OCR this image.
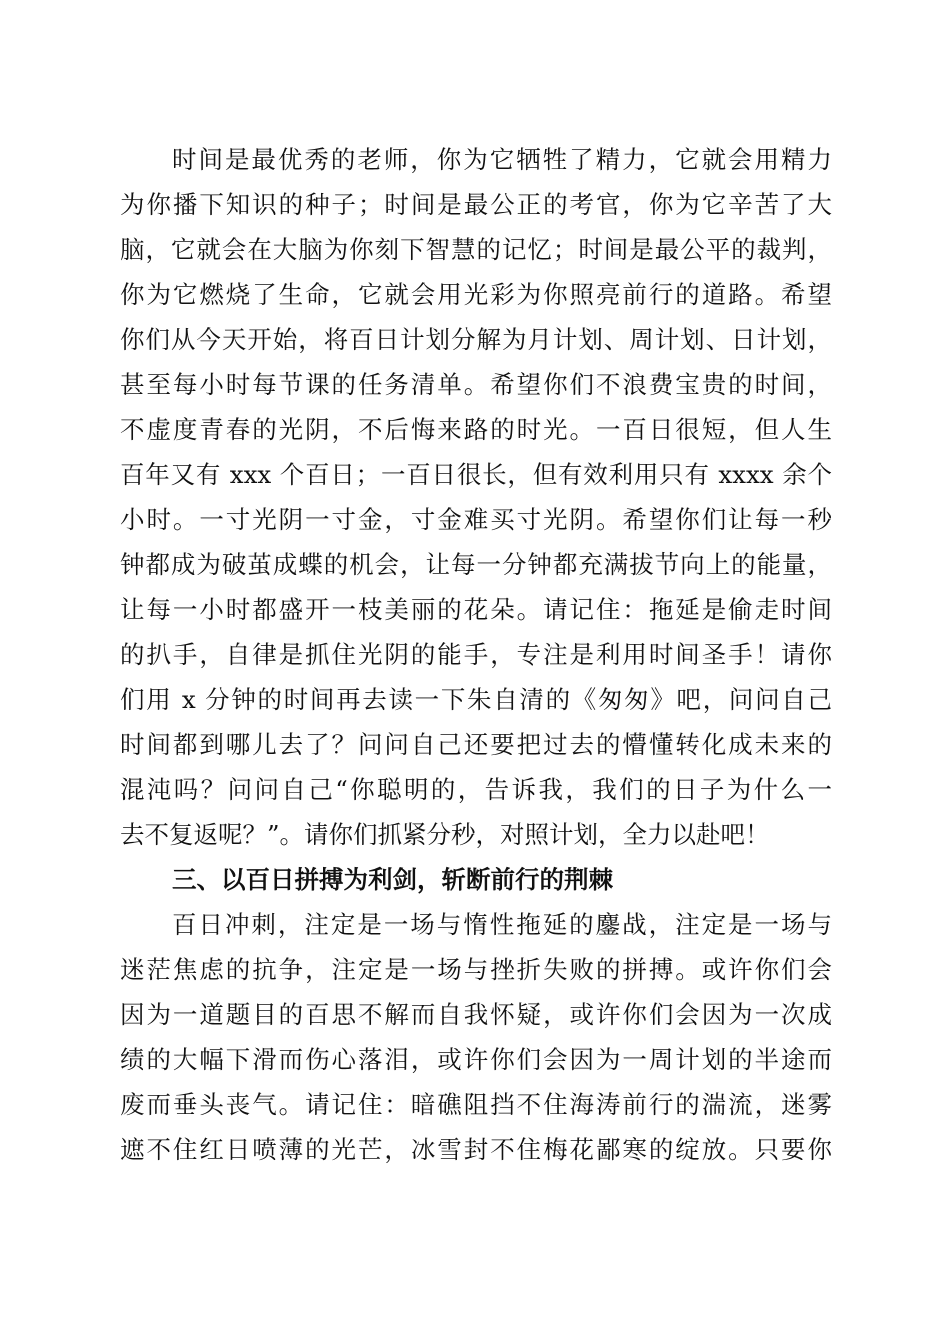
时间是最优秀的老师，你为它牺牲了精力，它就会用精力
为你播下知识的种子；时间是最公正的考官，你为它辛苦了大
脑，它就会在大脑为你刻下智慧的记忆；时间是最公平的裁判，
你为它燃烧了生命，它就会用光彩为你照亮前行的道路。希望
你们从今天开始，将百日计划分解为月计划、周计划、日计划，
甚至每小时每节课的任务清单。希望你们不浪费宝贵的时间，
不虚度青春的光阴，不后悔来路的时光。一百日很短，但人生
百年又有 xxx 个百日；一百日很长，但有效利用只有 xxxx 余个
小时。一寸光阴一寸金，寸金难买寸光阴。希望你们让每一秒
钟都成为破茧成蝶的机会，让每一分钟都充满拔节向上的能量，
让每一小时都盛开一枝美丽的花朵。请记住：拖延是偷走时间
的扒手，自律是抓住光阴的能手，专注是利用时间圣手！请你
们用 x 分钟的时间再去读一下朱自清的《匆匆》吧，问问自己
时间都到哪儿去了？问问自己还要把过去的懵懂转化成未来的
混沌吗？问问自己“你聪明的，告诉我，我们的日子为什么一
去不复返呢？”。请你们抓紧分秒，对照计划，全力以赴吧！
三、以百日拼搏为利剑，斩断前行的荆棘
百日冲刺，注定是一场与惰性拖延的鏖战，注定是一场与
迷茫焦虑的抗争，注定是一场与挫折失败的拼搏。或许你们会
因为一道题目的百思不解而自我怀疑，或许你们会因为一次成
绩的大幅下滑而伤心落泪，或许你们会因为一周计划的半途而
废而垂头丧气。请记住：暗礁阻挡不住海涛前行的湍流，迷雾
遮不住红日喷薄的光芒，冰雪封不住梅花鄙寒的绽放。只要你
